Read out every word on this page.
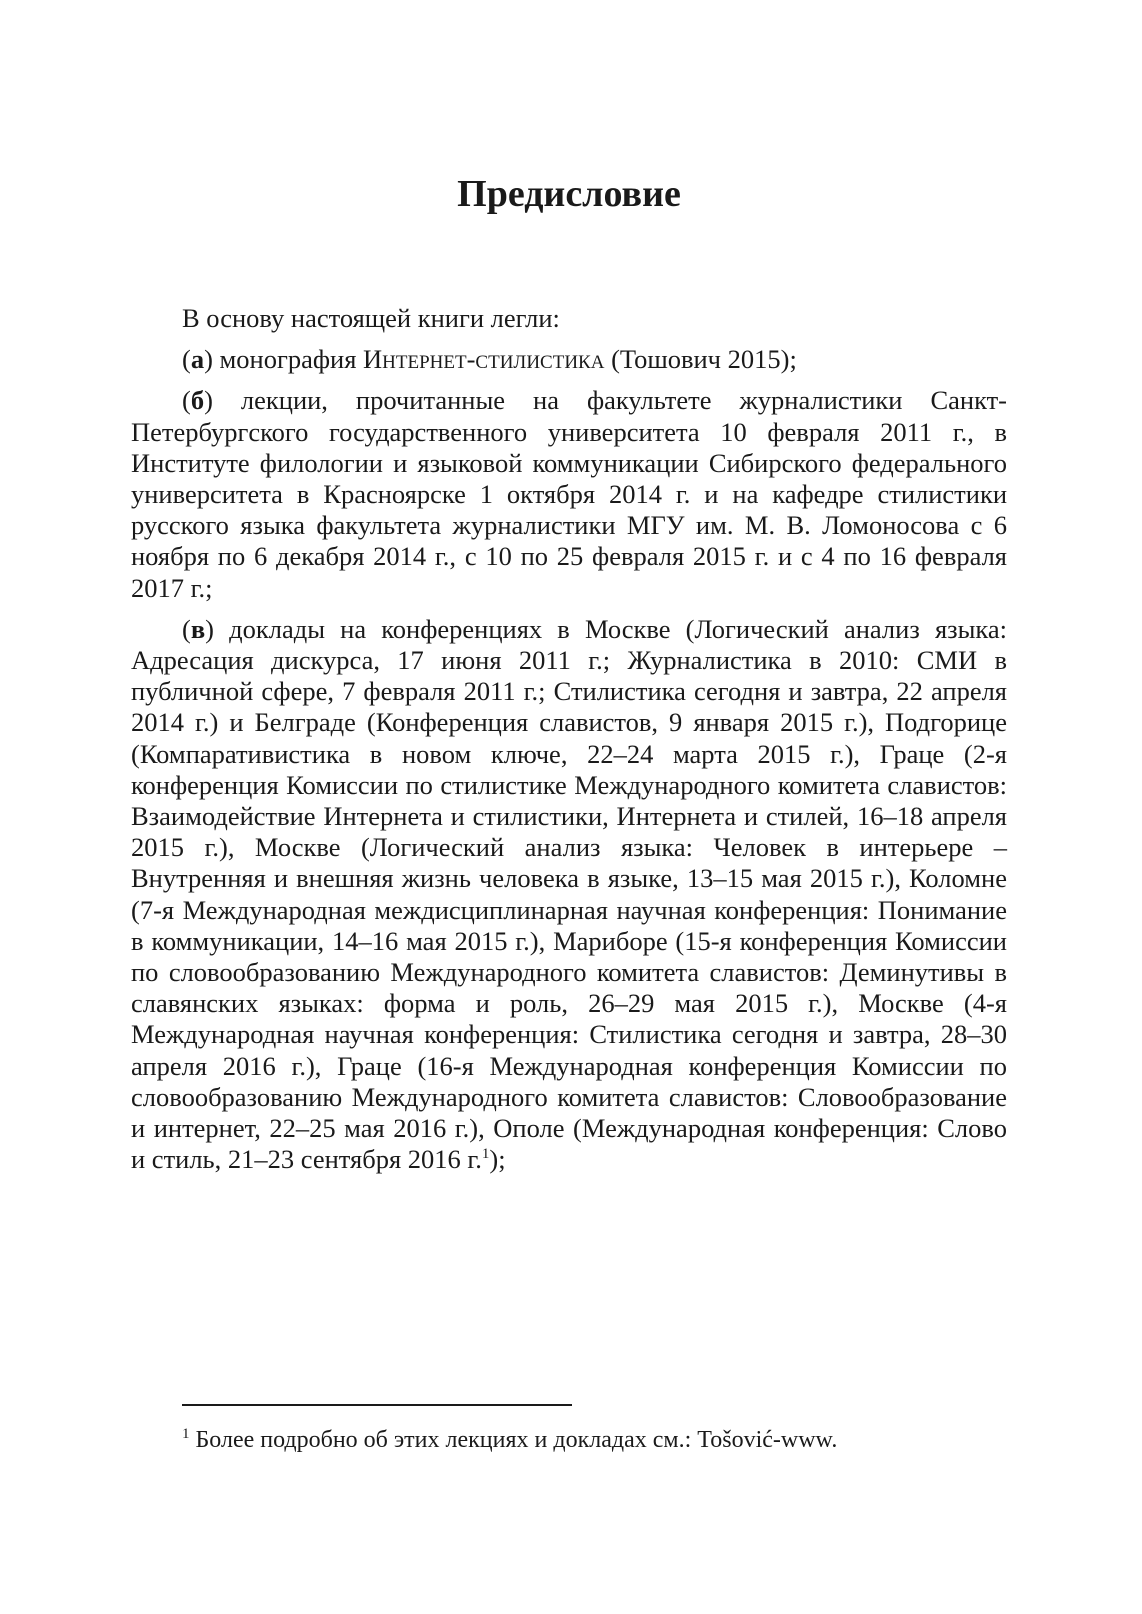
Предисловие

В основу настоящей книги легли:

(а) монография Интернет-стилистика (Тошович 2015);

(б) лекции, прочитанные на факультете журналистики Санкт-Петербургского государственного университета 10 февраля 2011 г., в Институте филологии и языковой коммуникации Сибирского федерального университета в Красноярске 1 октября 2014 г. и на кафедре стилистики русского языка факультета журналистики МГУ им. М. В. Ломоносова с 6 ноября по 6 декабря 2014 г., с 10 по 25 февраля 2015 г. и с 4 по 16 февраля 2017 г.;

(в) доклады на конференциях в Москве (Логический анализ языка: Адресация дискурса, 17 июня 2011 г.; Журналистика в 2010: СМИ в публичной сфере, 7 февраля 2011 г.; Стилистика сегодня и завтра, 22 апреля 2014 г.) и Белграде (Конференция славистов, 9 января 2015 г.), Подгорице (Компаративистика в новом ключе, 22–24 марта 2015 г.), Граце (2-я конференция Комиссии по стилистике Международного комитета славистов: Взаимодействие Интернета и стилистики, Интернета и стилей, 16–18 апреля 2015 г.), Москве (Логический анализ языка: Человек в интерьере – Внутренняя и внешняя жизнь человека в языке, 13–15 мая 2015 г.), Коломне (7-я Международная междисциплинарная научная конференция: Понимание в коммуникации, 14–16 мая 2015 г.), Мариборе (15-я конференция Комиссии по словообразованию Международного комитета славистов: Деминутивы в славянских языках: форма и роль, 26–29 мая 2015 г.), Москве (4-я Международная научная конференция: Стилистика сегодня и завтра, 28–30 апреля 2016 г.), Граце (16-я Международная конференция Комиссии по словообразованию Международного комитета славистов: Словообразование и интернет, 22–25 мая 2016 г.), Ополе (Международная конференция: Слово и стиль, 21–23 сентября 2016 г.$^1$);

$^1$ Более подробно об этих лекциях и докладах см.: Tošović-www.
